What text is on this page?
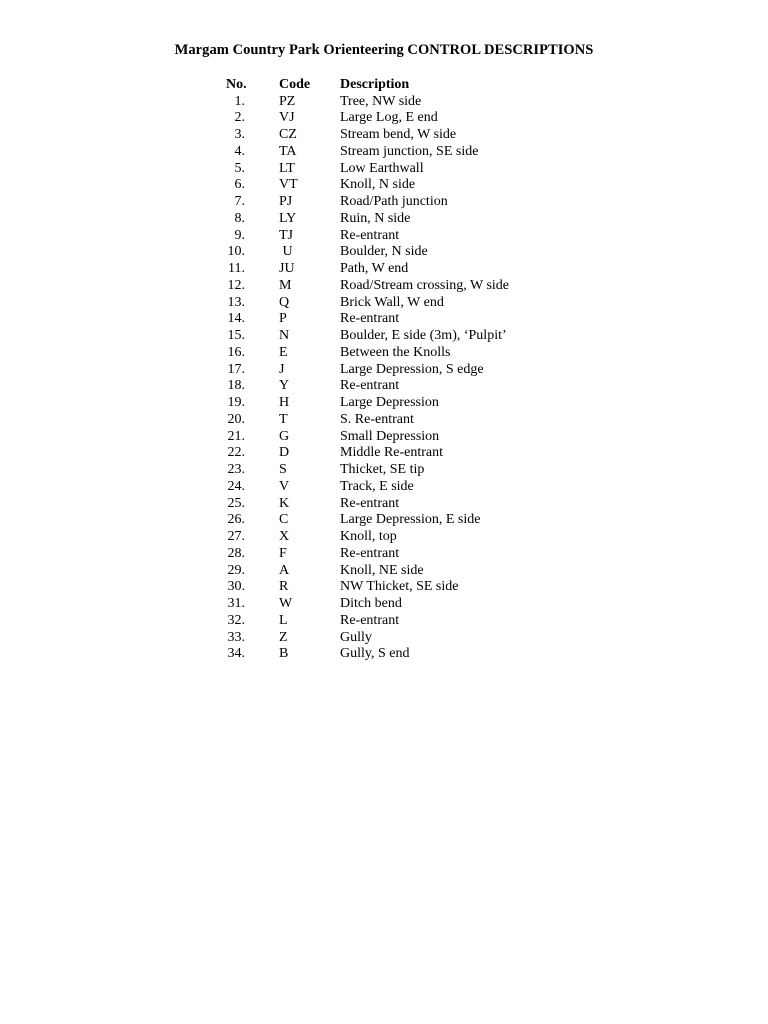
Margam Country Park Orienteering CONTROL DESCRIPTIONS
No. Code Description
1. PZ	Tree, NW side
2. VJ	Large Log, E end
3. CZ	Stream bend, W side
4. TA	Stream junction, SE side
5. LT	Low Earthwall
6. VT	Knoll, N side
7. PJ	Road/Path junction
8. LY	Ruin, N side
9. TJ	Re-entrant
10. U	Boulder, N side
11. JU	Path, W end
12. M	Road/Stream crossing, W side
13. Q	Brick Wall, W end
14. P	Re-entrant
15. N	Boulder, E side (3m), ‘Pulpit’
16. E	Between the Knolls
17. J	Large Depression, S edge
18. Y	Re-entrant
19. H	Large Depression
20. T	S. Re-entrant
21. G	Small Depression
22. D	Middle Re-entrant
23. S	Thicket, SE tip
24. V	Track, E side
25. K	Re-entrant
26. C	Large Depression, E side
27. X	Knoll, top
28. F	Re-entrant
29. A	Knoll, NE side
30. R	NW Thicket, SE side
31. W	Ditch bend
32. L	Re-entrant
33. Z	Gully
34. B	Gully, S end
